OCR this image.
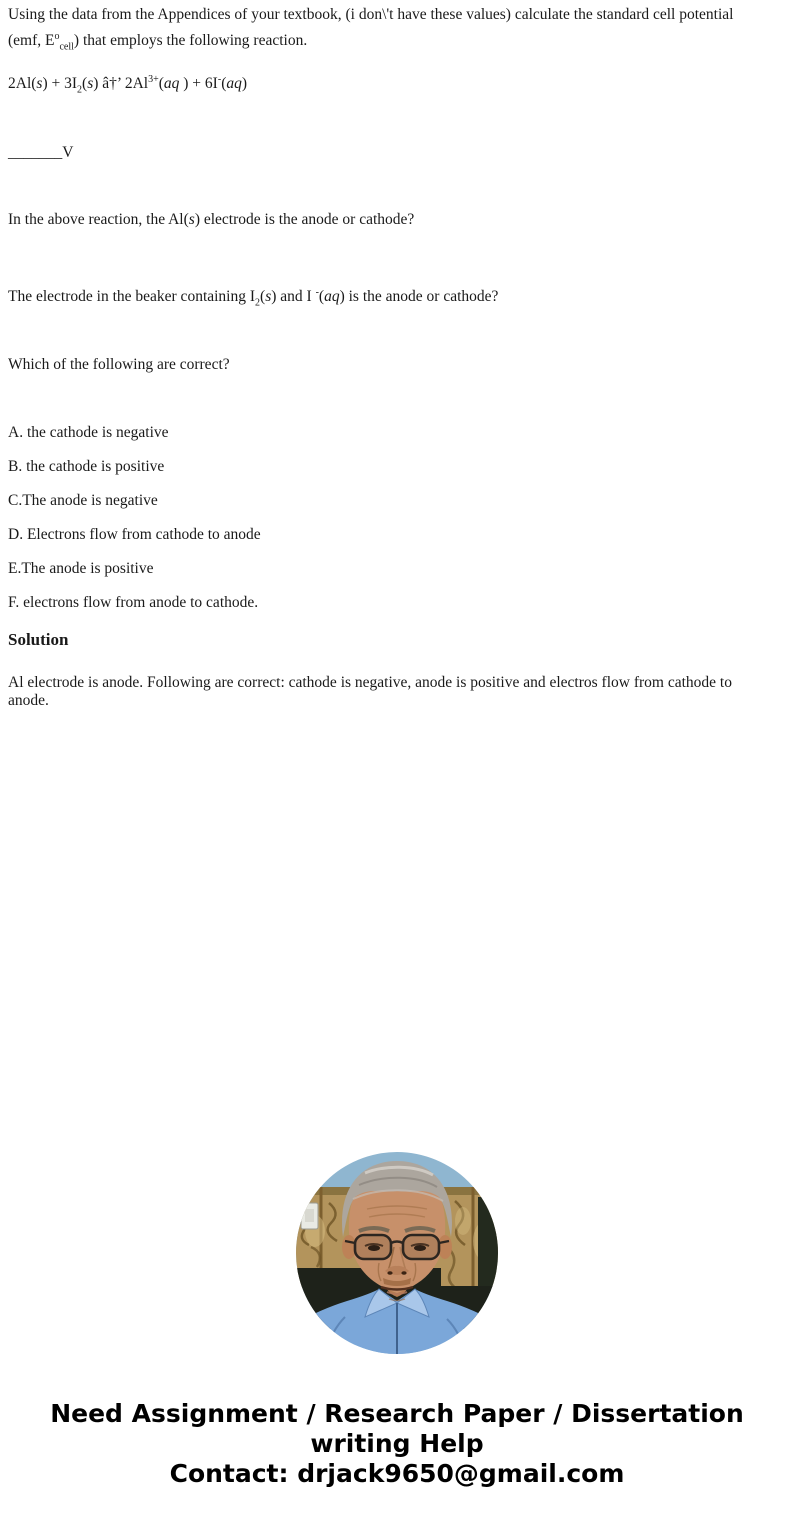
Using the data from the Appendices of your textbook, (i don\'t have these values) calculate the standard cell potential
(emf, $E^o_{cell}$) that employs the following reaction.

$2Al(s) + 3I_2(s)$ â†’ $2Al^{3+}(aq$ ) + 6I-(aq)

_______V

In the above reaction, the Al(s) electrode is the anode or cathode?

The electrode in the beaker containing $I_2(s)$ and I -(aq) is the anode or cathode?

Which of the following are correct?

A. the cathode is negative

B. the cathode is positive

C.The anode is negative

D. Electrons flow from cathode to anode

E.The anode is positive

F. electrons flow from anode to cathode.

Solution

Al electrode is anode. Following are correct: cathode is negative, anode is positive and electros flow from cathode to
anode.

Need Assignment / Research Paper / Dissertation writing Help
Contact: drjack9650@gmail.com
